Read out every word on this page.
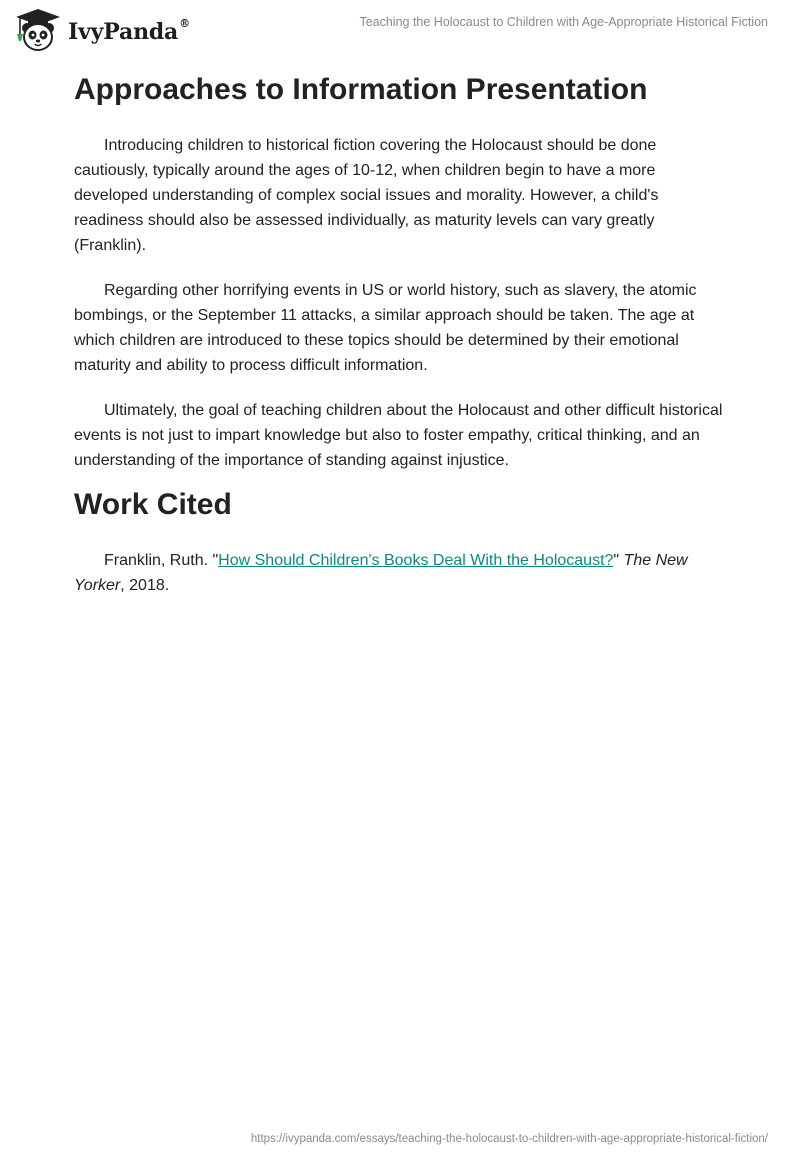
IvyPanda®	Teaching the Holocaust to Children with Age-Appropriate Historical Fiction
Approaches to Information Presentation

Introducing children to historical fiction covering the Holocaust should be done cautiously, typically around the ages of 10-12, when children begin to have a more developed understanding of complex social issues and morality. However, a child's readiness should also be assessed individually, as maturity levels can vary greatly (Franklin).

Regarding other horrifying events in US or world history, such as slavery, the atomic bombings, or the September 11 attacks, a similar approach should be taken. The age at which children are introduced to these topics should be determined by their emotional maturity and ability to process difficult information.

Ultimately, the goal of teaching children about the Holocaust and other difficult historical events is not just to impart knowledge but also to foster empathy, critical thinking, and an understanding of the importance of standing against injustice.

Work Cited

Franklin, Ruth. "How Should Children's Books Deal With the Holocaust?" The New Yorker, 2018.

https://ivypanda.com/essays/teaching-the-holocaust-to-children-with-age-appropriate-historical-fiction/
